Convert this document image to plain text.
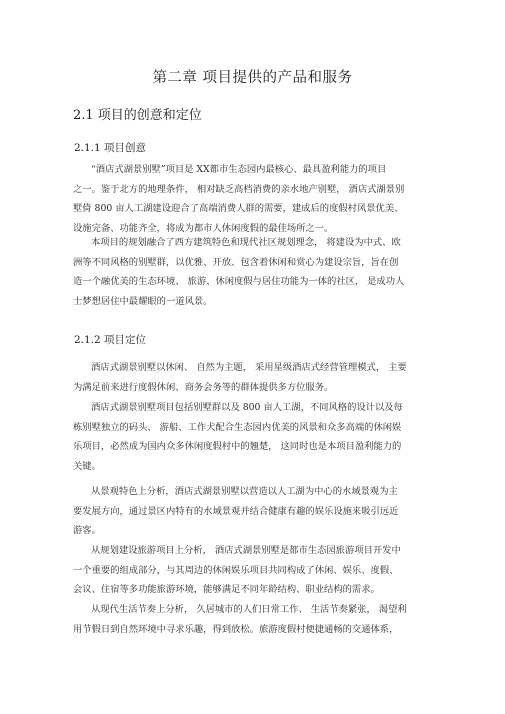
第二章 项目提供的产品和服务
2.1 项目的创意和定位
2.1.1 项目创意
“酒店式湖景别墅”项目是 XX都市生态园内最核心、最具盈利能力的项目
之一。鉴于北方的地理条件， 相对缺乏高档消费的亲水地产别墅， 酒店式湖景别
墅倚 800 亩人工湖建设迎合了高端消费人群的需要，建成后的度假村风景优美、
设施完备、功能齐全，将成为都市人休闲度假的最佳场所之一。
本项目的规划融合了西方建筑特色和现代社区规划理念， 将建设为中式、欧
洲等不同风格的别墅群，以优雅、开放、包含着休闲和赏心为建设宗旨，旨在创
造一个融优美的生态环境、 旅游、休闲度假与居住功能为一体的社区， 是成功人
士梦想居住中最耀眼的一道风景。
2.1.2 项目定位
酒店式湖景别墅以休闲、 自然为主题， 采用星级酒店式经营管理模式， 主要
为满足前来进行度假休闲、商务会务等的群体提供多方位服务。
酒店式湖景别墅项目包括别墅群以及 800 亩人工湖，不同风格的设计以及每
栋别墅独立的码头、 游船、工作犬配合生态园内优美的风景和众多高端的休闲娱
乐项目，必然成为国内众多休闲度假村中的翘楚， 这同时也是本项目盈利能力的
关键。
从景观特色上分析，酒店式湖景别墅以营造以人工湖为中心的水域景观为主
要发展方向，通过景区内特有的水域景观并结合健康有趣的娱乐设施来吸引远近
游客。
从规划建设旅游项目上分析， 酒店式湖景别墅是都市生态园旅游项目开发中
一个重要的组成部分，与其周边的休闲娱乐项目共同构成了休闲、娱乐、度假、
会议、住宿等多功能旅游环境，能够满足不同年龄结构、职业结构的需求。
从现代生活节奏上分析， 久居城市的人们日常工作、 生活节奏紧张， 渴望利
用节假日到自然环境中寻求乐趣，得到放松。旅游度假村便捷通畅的交通体系，
